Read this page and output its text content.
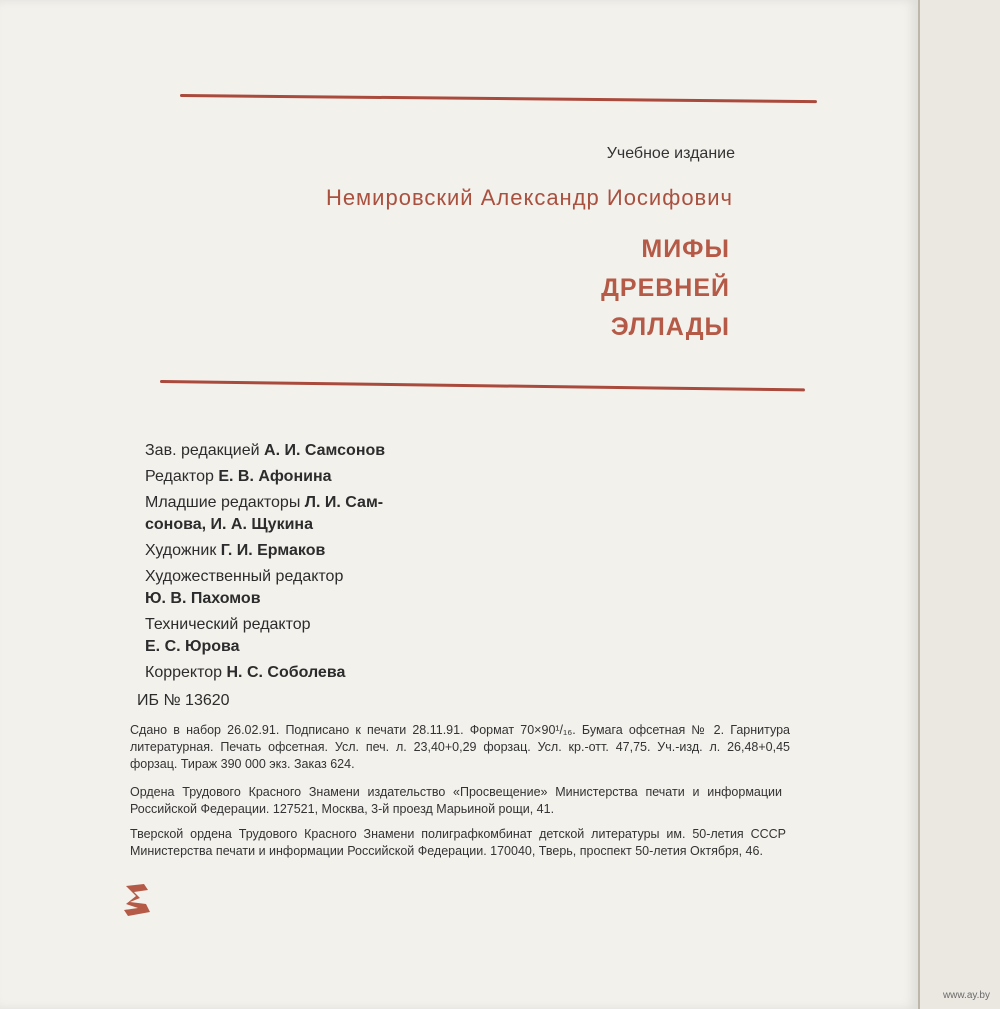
Учебное издание
Немировский Александр Иосифович
МИФЫ
ДРЕВНЕЙ
ЭЛЛАДЫ
Зав. редакцией А. И. Самсонов
Редактор Е. В. Афонина
Младшие редакторы Л. И. Сам-
сонова, И. А. Щукина
Художник Г. И. Ермаков
Художественный редактор
Ю. В. Пахомов
Технический редактор
Е. С. Юрова
Корректор Н. С. Соболева
ИБ № 13620
Сдано в набор 26.02.91. Подписано к печати 28.11.91. Формат 70×90¹/₁₆. Бумага офсетная № 2. Гарнитура литературная. Печать офсетная. Усл. печ. л. 23,40+0,29 форзац. Усл. кр.-отт. 47,75. Уч.-изд. л. 26,48+0,45 форзац. Тираж 390 000 экз. Заказ 624.
Ордена Трудового Красного Знамени издательство «Просвещение» Министерства печати и информации Российской Федерации. 127521, Москва, 3-й проезд Марьиной рощи, 41.
Тверской ордена Трудового Красного Знамени полиграфкомбинат детской литературы им. 50-летия СССР Министерства печати и информации Российской Федерации. 170040, Тверь, проспект 50-летия Октября, 46.
www.ay.by
